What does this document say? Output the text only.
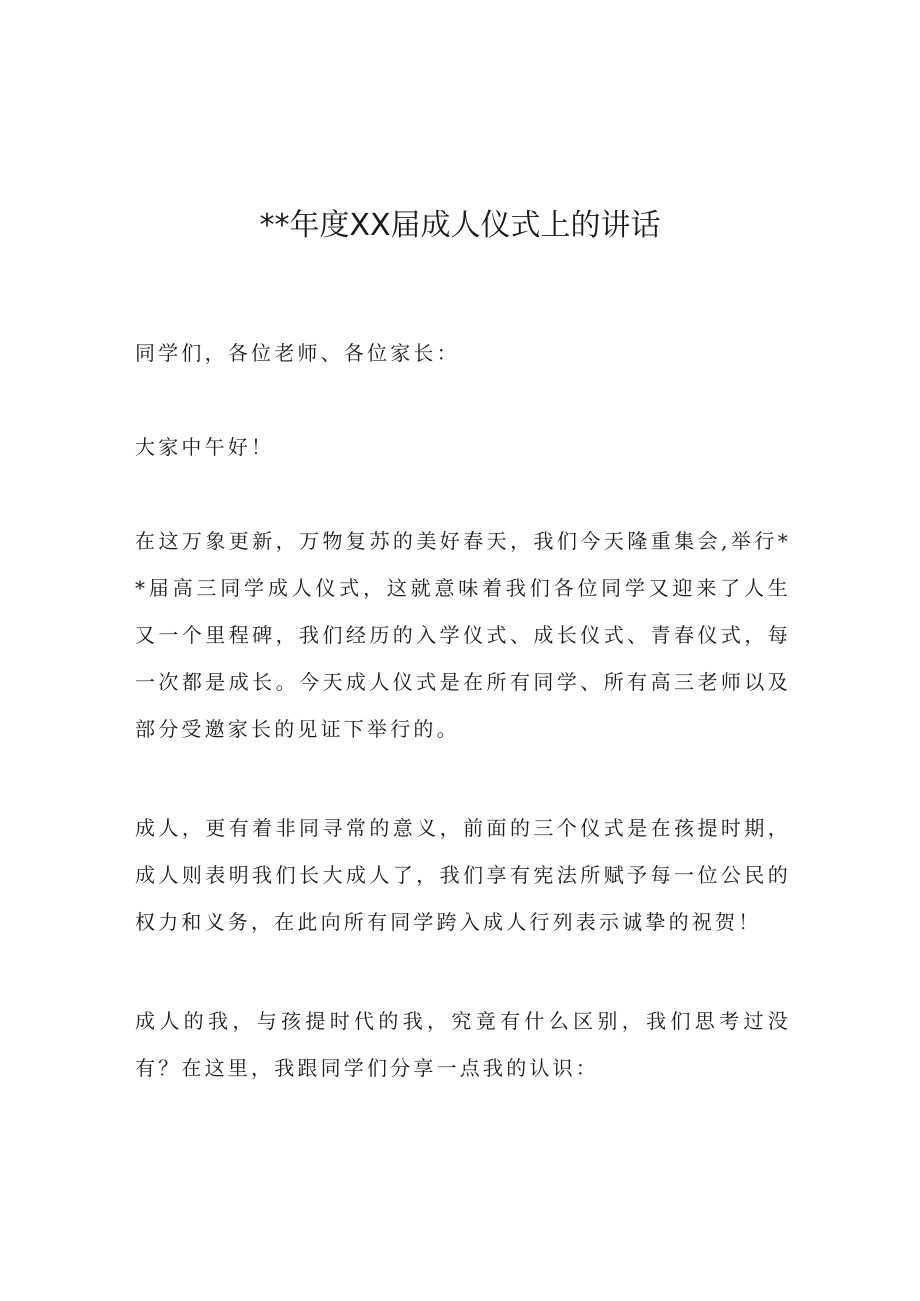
**年度XX届成人仪式上的讲话

同学们，各位老师、各位家长：

大家中午好！

在这万象更新，万物复苏的美好春天，我们今天隆重集会,举行**届高三同学成人仪式，这就意味着我们各位同学又迎来了人生又一个里程碑，我们经历的入学仪式、成长仪式、青春仪式，每一次都是成长。今天成人仪式是在所有同学、所有高三老师以及部分受邀家长的见证下举行的。

成人，更有着非同寻常的意义，前面的三个仪式是在孩提时期，成人则表明我们长大成人了，我们享有宪法所赋予每一位公民的权力和义务，在此向所有同学跨入成人行列表示诚挚的祝贺！

成人的我，与孩提时代的我，究竟有什么区别，我们思考过没有？在这里，我跟同学们分享一点我的认识：
